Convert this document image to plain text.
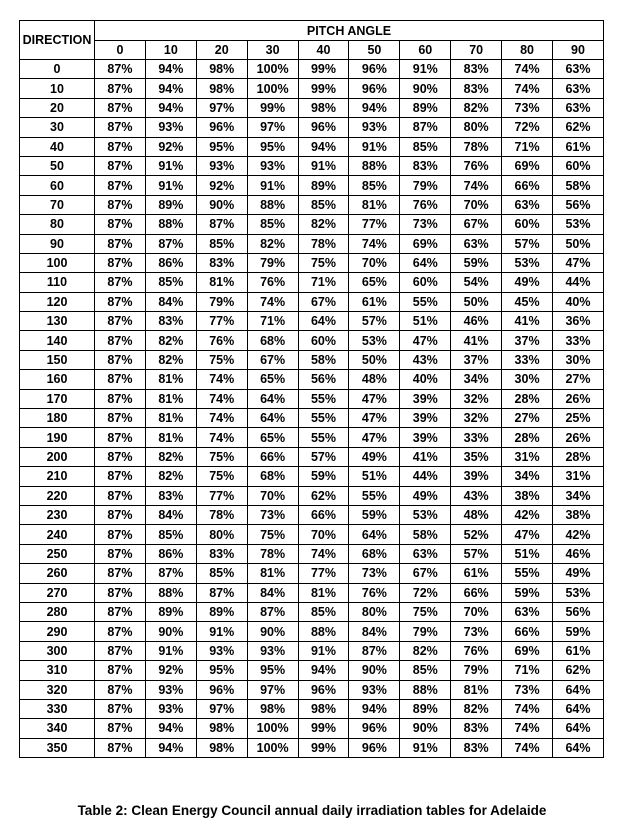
DIRECTION	PITCH ANGLE									
	0	10	20	30	40	50	60	70	80	90
0	87%	94%	98%	100%	99%	96%	91%	83%	74%	63%
10	87%	94%	98%	100%	99%	96%	90%	83%	74%	63%
20	87%	94%	97%	99%	98%	94%	89%	82%	73%	63%
30	87%	93%	96%	97%	96%	93%	87%	80%	72%	62%
40	87%	92%	95%	95%	94%	91%	85%	78%	71%	61%
50	87%	91%	93%	93%	91%	88%	83%	76%	69%	60%
60	87%	91%	92%	91%	89%	85%	79%	74%	66%	58%
70	87%	89%	90%	88%	85%	81%	76%	70%	63%	56%
80	87%	88%	87%	85%	82%	77%	73%	67%	60%	53%
90	87%	87%	85%	82%	78%	74%	69%	63%	57%	50%
100	87%	86%	83%	79%	75%	70%	64%	59%	53%	47%
110	87%	85%	81%	76%	71%	65%	60%	54%	49%	44%
120	87%	84%	79%	74%	67%	61%	55%	50%	45%	40%
130	87%	83%	77%	71%	64%	57%	51%	46%	41%	36%
140	87%	82%	76%	68%	60%	53%	47%	41%	37%	33%
150	87%	82%	75%	67%	58%	50%	43%	37%	33%	30%
160	87%	81%	74%	65%	56%	48%	40%	34%	30%	27%
170	87%	81%	74%	64%	55%	47%	39%	32%	28%	26%
180	87%	81%	74%	64%	55%	47%	39%	32%	27%	25%
190	87%	81%	74%	65%	55%	47%	39%	33%	28%	26%
200	87%	82%	75%	66%	57%	49%	41%	35%	31%	28%
210	87%	82%	75%	68%	59%	51%	44%	39%	34%	31%
220	87%	83%	77%	70%	62%	55%	49%	43%	38%	34%
230	87%	84%	78%	73%	66%	59%	53%	48%	42%	38%
240	87%	85%	80%	75%	70%	64%	58%	52%	47%	42%
250	87%	86%	83%	78%	74%	68%	63%	57%	51%	46%
260	87%	87%	85%	81%	77%	73%	67%	61%	55%	49%
270	87%	88%	87%	84%	81%	76%	72%	66%	59%	53%
280	87%	89%	89%	87%	85%	80%	75%	70%	63%	56%
290	87%	90%	91%	90%	88%	84%	79%	73%	66%	59%
300	87%	91%	93%	93%	91%	87%	82%	76%	69%	61%
310	87%	92%	95%	95%	94%	90%	85%	79%	71%	62%
320	87%	93%	96%	97%	96%	93%	88%	81%	73%	64%
330	87%	93%	97%	98%	98%	94%	89%	82%	74%	64%
340	87%	94%	98%	100%	99%	96%	90%	83%	74%	64%
350	87%	94%	98%	100%	99%	96%	91%	83%	74%	64%
Table 2: Clean Energy Council annual daily irradiation tables for Adelaide
